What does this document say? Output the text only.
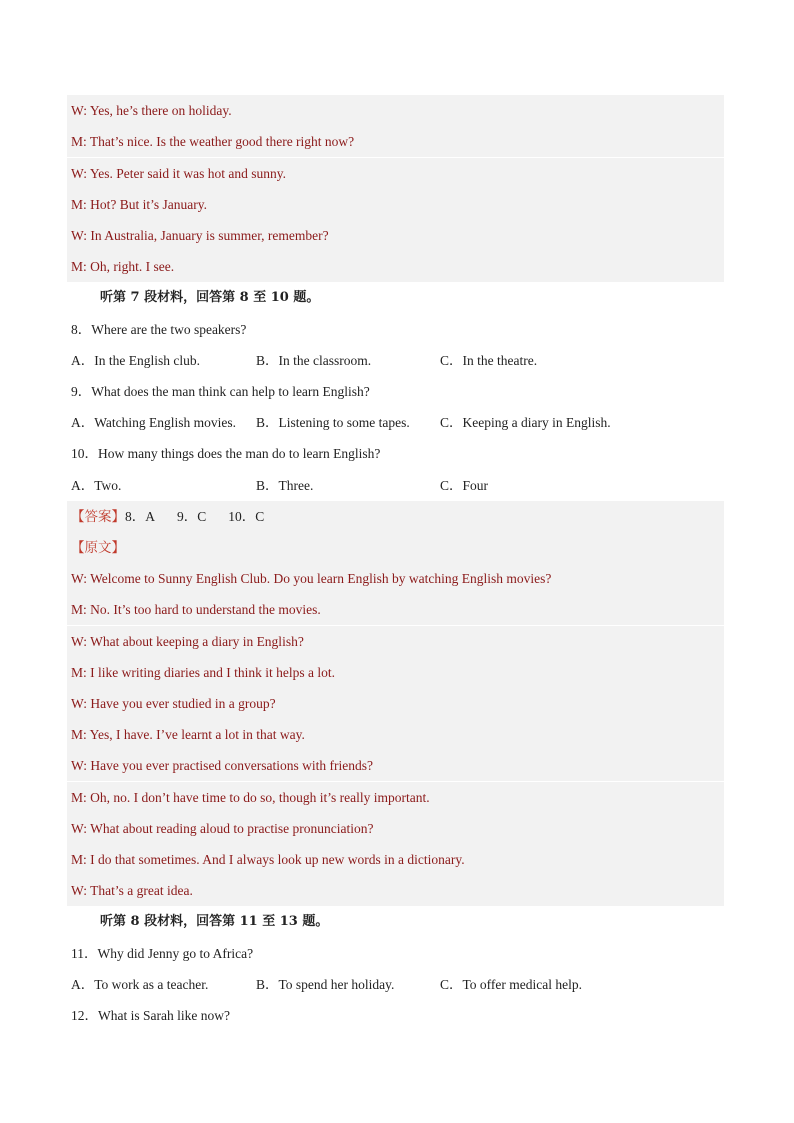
W: Yes, he’s there on holiday.
M: That’s nice. Is the weather good there right now?
W: Yes. Peter said it was hot and sunny.
M: Hot? But it’s January.
W: In Australia, January is summer, remember?
M: Oh, right. I see.
听第 7 段材料，回答第 8 至 10 题。
8．Where are the two speakers?
A．In the English club.	B．In the classroom.	C．In the theatre.
9．What does the man think can help to learn English?
A．Watching English movies. B．Listening to some tapes. C．Keeping a diary in English.
10．How many things does the man do to learn English?
A．Two.	B．Three.	C．Four
【答案】8．A 9．C 10．C
【原文】
W: Welcome to Sunny English Club. Do you learn English by watching English movies?
M: No. It’s too hard to understand the movies.
W: What about keeping a diary in English?
M: I like writing diaries and I think it helps a lot.
W: Have you ever studied in a group?
M: Yes, I have. I’ve learnt a lot in that way.
W: Have you ever practised conversations with friends?
M: Oh, no. I don’t have time to do so, though it’s really important.
W: What about reading aloud to practise pronunciation?
M: I do that sometimes. And I always look up new words in a dictionary.
W: That’s a great idea.
听第 8 段材料，回答第 11 至 13 题。
11．Why did Jenny go to Africa?
A．To work as a teacher.	B．To spend her holiday.	C．To offer medical help.
12．What is Sarah like now?
